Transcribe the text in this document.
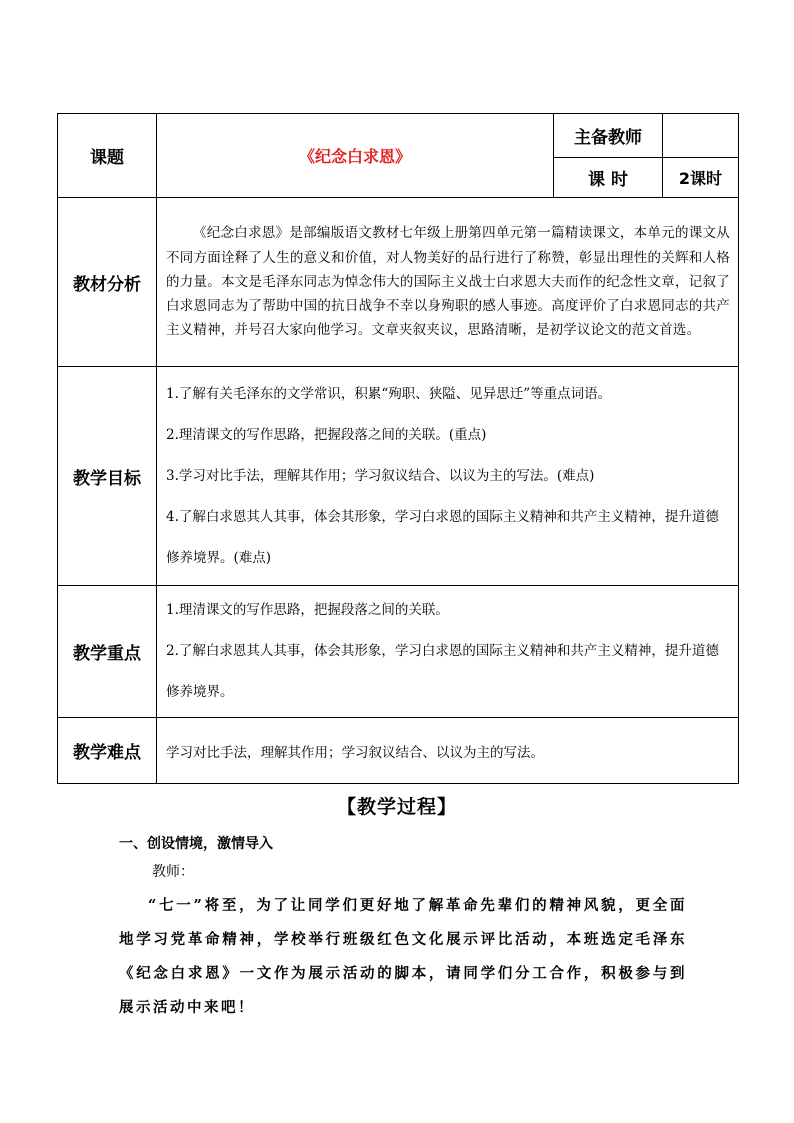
课题	《纪念白求恩》	主备教师	
		课 时	2课时
教材分析	《纪念白求恩》是部编版语文教材七年级上册第四单元第一篇精读课文，本单元的课文从不同方面诠释了人生的意义和价值，对人物美好的品行进行了称赞，彰显出理性的关辉和人格的力量。本文是毛泽东同志为悼念伟大的国际主义战士白求恩大夫而作的纪念性文章，记叙了白求恩同志为了帮助中国的抗日战争不幸以身殉职的感人事迹。高度评价了白求恩同志的共产主义精神，并号召大家向他学习。文章夹叙夹议，思路清晰，是初学议论文的范文首选。		

教学目标	1.了解有关毛泽东的文学常识，积累“殉职、狭隘、见异思迁”等重点词语。
2.理清课文的写作思路，把握段落之间的关联。(重点)
3.学习对比手法，理解其作用；学习叙议结合、以议为主的写法。(难点)
4.了解白求恩其人其事，体会其形象，学习白求恩的国际主义精神和共产主义精神，提升道德修养境界。(难点)		

教学重点	1.理清课文的写作思路，把握段落之间的关联。
2.了解白求恩其人其事，体会其形象，学习白求恩的国际主义精神和共产主义精神，提升道德修养境界。		

教学难点	学习对比手法，理解其作用；学习叙议结合、以议为主的写法。		
【教学过程】
一、创设情境，激情导入
教师：
“七一”将至，为了让同学们更好地了解革命先辈们的精神风貌，更全面地学习党革命精神，学校举行班级红色文化展示评比活动，本班选定毛泽东《纪念白求恩》一文作为展示活动的脚本，请同学们分工合作，积极参与到展示活动中来吧！
